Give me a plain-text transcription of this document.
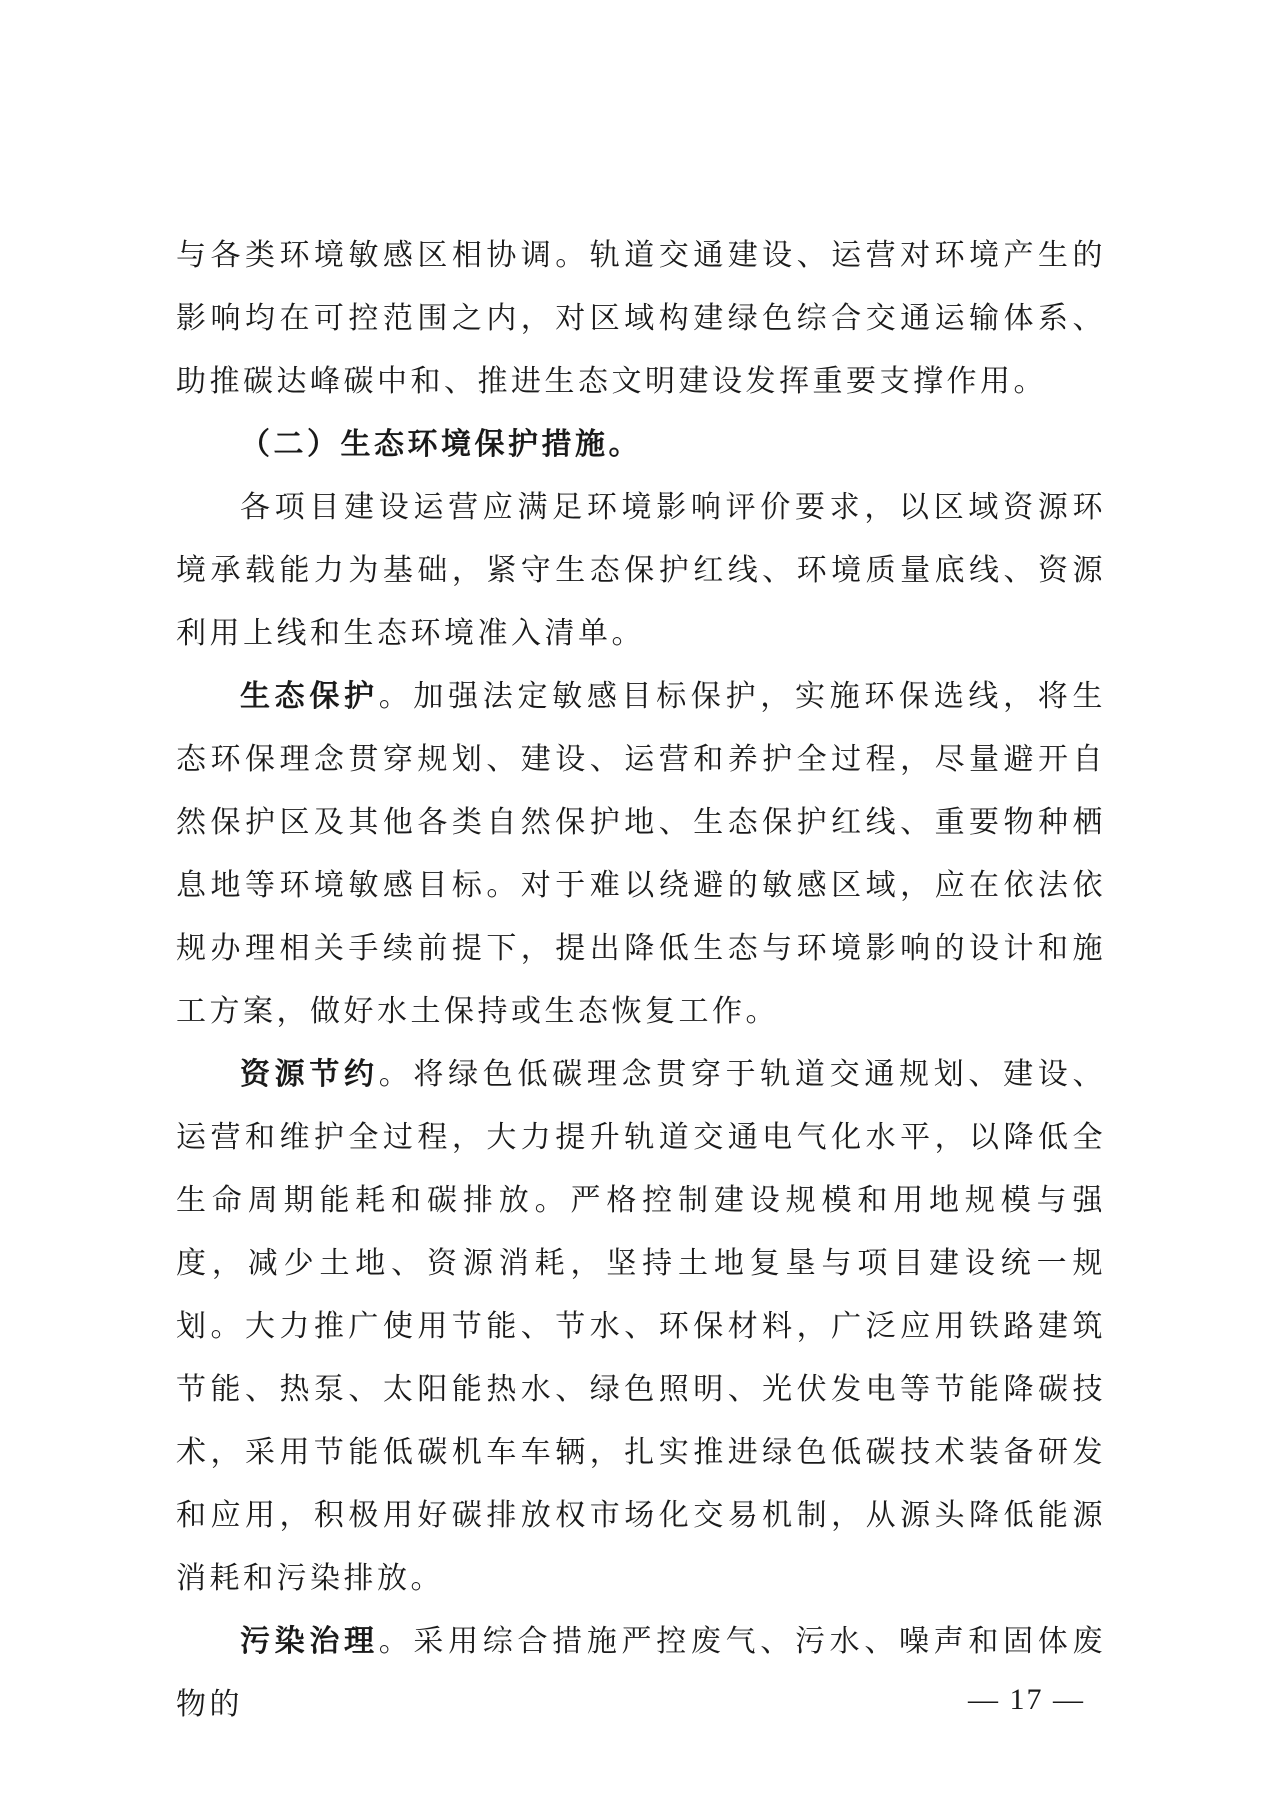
与各类环境敏感区相协调。轨道交通建设、运营对环境产生的影响均在可控范围之内，对区域构建绿色综合交通运输体系、助推碳达峰碳中和、推进生态文明建设发挥重要支撑作用。

（二）生态环境保护措施。

各项目建设运营应满足环境影响评价要求，以区域资源环境承载能力为基础，紧守生态保护红线、环境质量底线、资源利用上线和生态环境准入清单。

生态保护。加强法定敏感目标保护，实施环保选线，将生态环保理念贯穿规划、建设、运营和养护全过程，尽量避开自然保护区及其他各类自然保护地、生态保护红线、重要物种栖息地等环境敏感目标。对于难以绕避的敏感区域，应在依法依规办理相关手续前提下，提出降低生态与环境影响的设计和施工方案，做好水土保持或生态恢复工作。

资源节约。将绿色低碳理念贯穿于轨道交通规划、建设、运营和维护全过程，大力提升轨道交通电气化水平，以降低全生命周期能耗和碳排放。严格控制建设规模和用地规模与强度，减少土地、资源消耗，坚持土地复垦与项目建设统一规划。大力推广使用节能、节水、环保材料，广泛应用铁路建筑节能、热泵、太阳能热水、绿色照明、光伏发电等节能降碳技术，采用节能低碳机车车辆，扎实推进绿色低碳技术装备研发和应用，积极用好碳排放权市场化交易机制，从源头降低能源消耗和污染排放。

污染治理。采用综合措施严控废气、污水、噪声和固体废物的	— 17 —
